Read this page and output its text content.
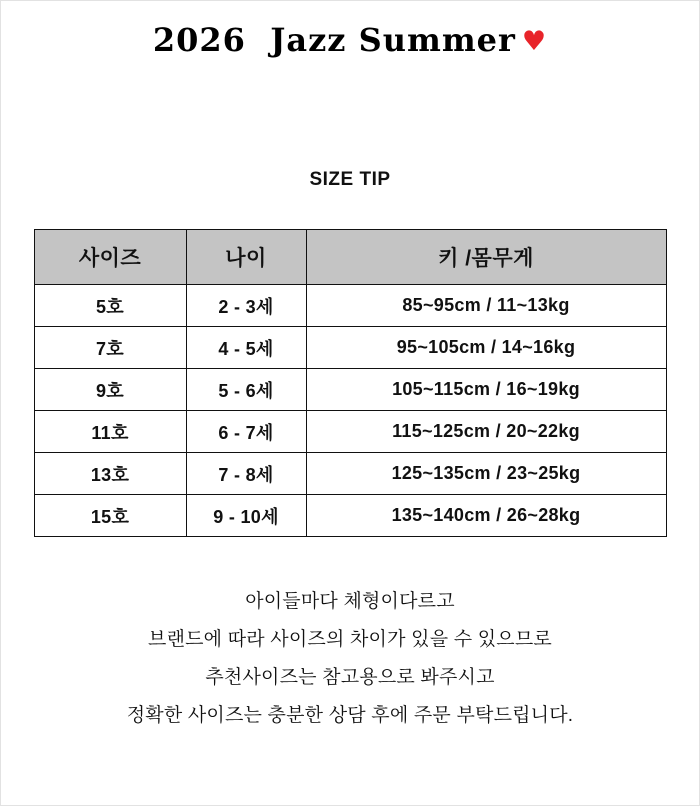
2026  Jazz Summer ♥
SIZE TIP
사이즈	나이	키 /몸무게
5호	2 - 3세	85~95cm / 11~13kg
7호	4 - 5세	95~105cm / 14~16kg
9호	5 - 6세	105~115cm / 16~19kg
11호	6 - 7세	115~125cm / 20~22kg
13호	7 - 8세	125~135cm / 23~25kg
15호	9 - 10세	135~140cm / 26~28kg
아이들마다 체형이다르고
브랜드에 따라 사이즈의 차이가 있을 수 있으므로
추천사이즈는 참고용으로 봐주시고
정확한 사이즈는 충분한 상담 후에 주문 부탁드립니다.
